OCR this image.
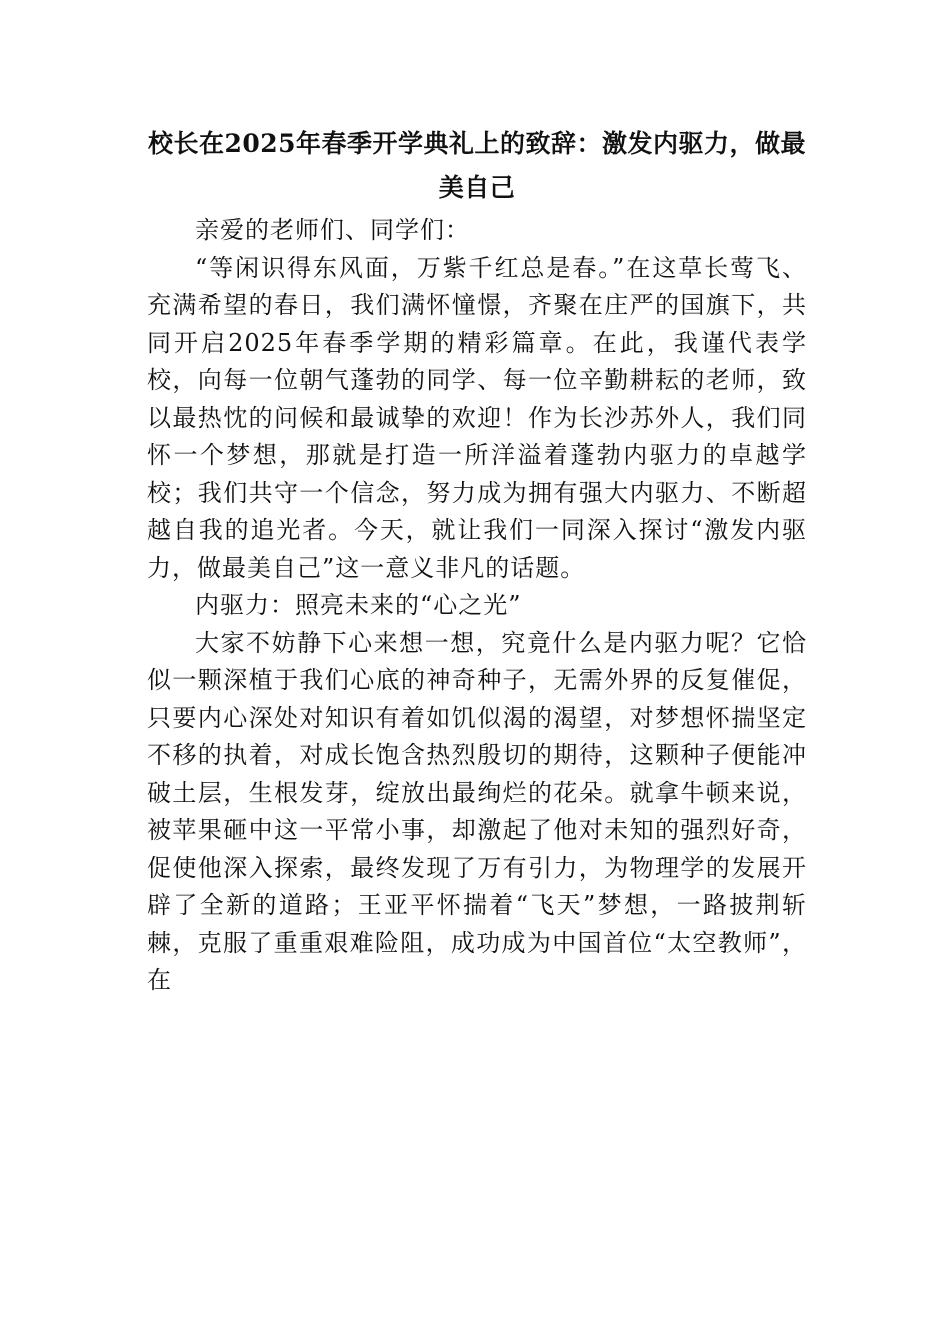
校长在2025年春季开学典礼上的致辞：激发内驱力，做最美自己

亲爱的老师们、同学们：

“等闲识得东风面，万紫千红总是春。”在这草长莺飞、充满希望的春日，我们满怀憧憬，齐聚在庄严的国旗下，共同开启2025年春季学期的精彩篇章。在此，我谨代表学校，向每一位朝气蓬勃的同学、每一位辛勤耕耘的老师，致以最热忱的问候和最诚挚的欢迎！作为长沙苏外人，我们同怀一个梦想，那就是打造一所洋溢着蓬勃内驱力的卓越学校；我们共守一个信念，努力成为拥有强大内驱力、不断超越自我的追光者。今天，就让我们一同深入探讨“激发内驱力，做最美自己”这一意义非凡的话题。

内驱力：照亮未来的“心之光”

大家不妨静下心来想一想，究竟什么是内驱力呢？它恰似一颗深植于我们心底的神奇种子，无需外界的反复催促，只要内心深处对知识有着如饥似渴的渴望，对梦想怀揣坚定不移的执着，对成长饱含热烈殷切的期待，这颗种子便能冲破土层，生根发芽，绽放出最绚烂的花朵。就拿牛顿来说，被苹果砸中这一平常小事，却激起了他对未知的强烈好奇，促使他深入探索，最终发现了万有引力，为物理学的发展开辟了全新的道路；王亚平怀揣着“飞天”梦想，一路披荆斩棘，克服了重重艰难险阻，成功成为中国首位“太空教师”，在
